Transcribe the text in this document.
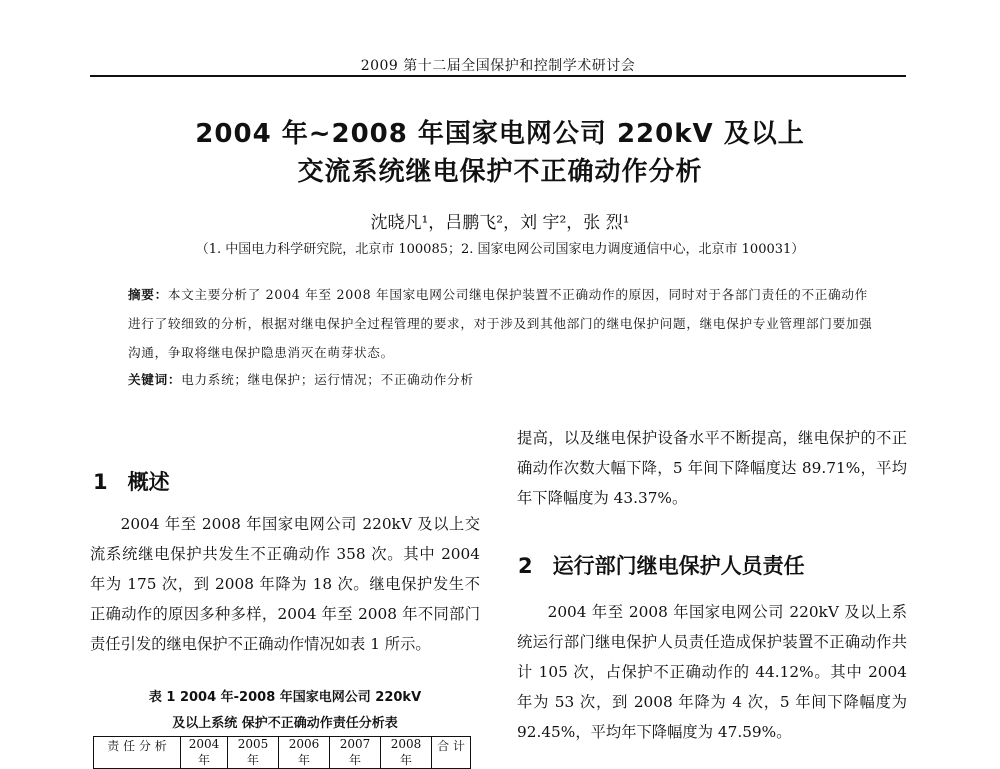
2009 第十二届全国保护和控制学术研讨会
2004 年~2008 年国家电网公司 220kV 及以上
交流系统继电保护不正确动作分析
沈晓凡¹，吕鹏飞²，刘 宇²，张 烈¹
（1. 中国电力科学研究院，北京市 100085；2. 国家电网公司国家电力调度通信中心，北京市 100031）
摘要：本文主要分析了 2004 年至 2008 年国家电网公司继电保护装置不正确动作的原因，同时对于各部门责任的不正确动作进行了较细致的分析，根据对继电保护全过程管理的要求，对于涉及到其他部门的继电保护问题，继电保护专业管理部门要加强沟通，争取将继电保护隐患消灭在萌芽状态。
关键词：电力系统；继电保护；运行情况；不正确动作分析
1 概述

2004 年至 2008 年国家电网公司 220kV 及以上交流系统继电保护共发生不正确动作 358 次。其中 2004 年为 175 次，到 2008 年降为 18 次。继电保护发生不正确动作的原因多种多样，2004 年至 2008 年不同部门责任引发的继电保护不正确动作情况如表 1 所示。

表 1 2004 年-2008 年国家电网公司 220kV
及以上系统 保护不正确动作责任分析表
责 任 分 析	2004 年	2005 年	2006 年	2007 年	2008 年	合 计

提高，以及继电保护设备水平不断提高，继电保护的不正确动作次数大幅下降，5 年间下降幅度达 89.71%，平均年下降幅度为 43.37%。

2 运行部门继电保护人员责任

2004 年至 2008 年国家电网公司 220kV 及以上系统运行部门继电保护人员责任造成保护装置不正确动作共计 105 次，占保护不正确动作的 44.12%。其中 2004 年为 53 次，到 2008 年降为 4 次，5 年间下降幅度为 92.45%，平均年下降幅度为 47.59%。
